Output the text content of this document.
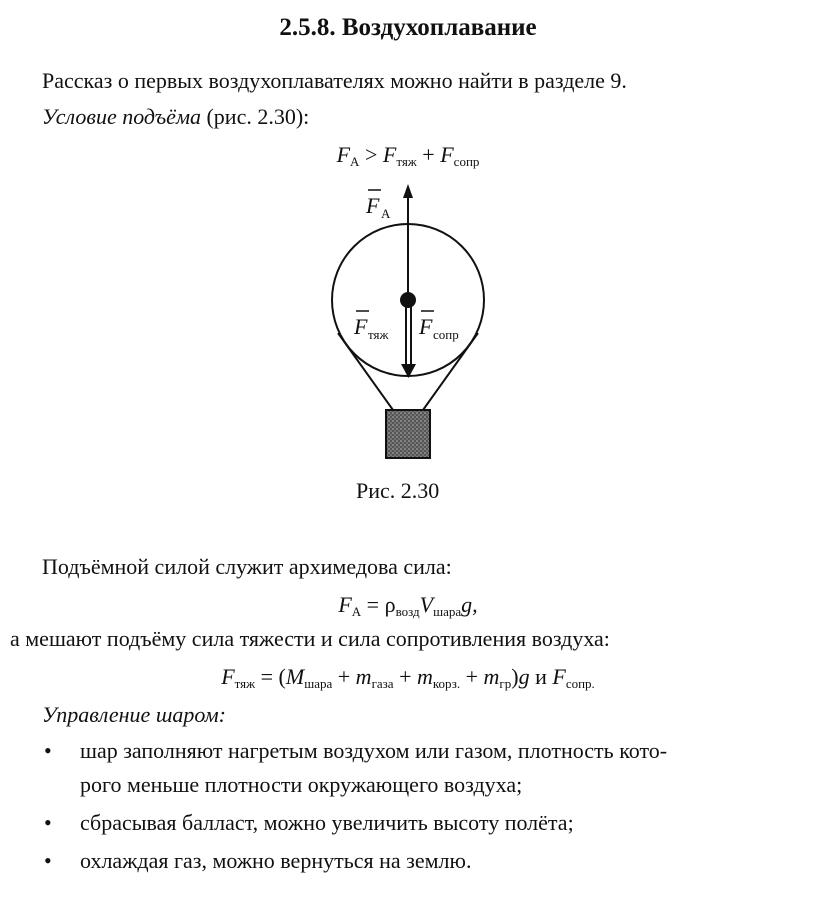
2.5.8. Воздухоплавание
Рассказ о первых воздухоплавателях можно найти в разделе 9.
Условие подъёма (рис. 2.30):
$F_A > F_{тяж} + F_{сопр}$
F A
F тяж F сопр
Рис. 2.30
Подъёмной силой служит архимедова сила:
$F_A = \rho_{возд}V_{шара}g$,
а мешают подъёму сила тяжести и сила сопротивления воздуха:
$F_{тяж} = (M_{шара} + m_{газа} + m_{корз.} + m_{гр})g$ и $F_{сопр.}$
Управление шаром:
• шар заполняют нагретым воздухом или газом, плотность кото-
рого меньше плотности окружающего воздуха;
• сбрасывая балласт, можно увеличить высоту полёта;
• охлаждая газ, можно вернуться на землю.
